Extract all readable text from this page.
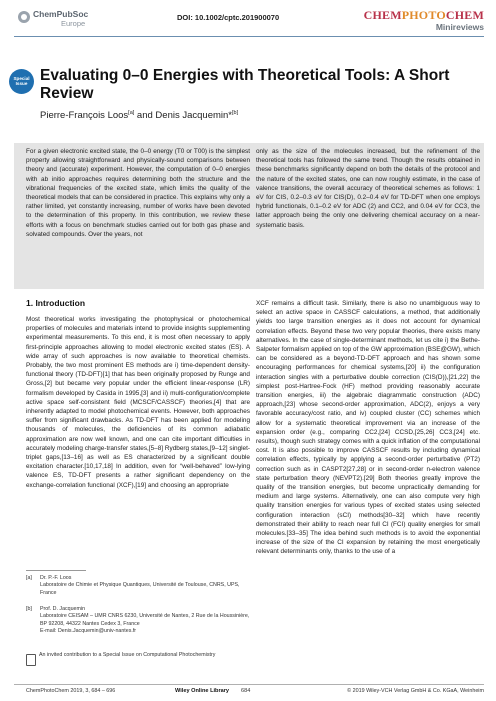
ChemPubSoc
Europe
DOI: 10.1002/cptc.201900070	CHEMPHOTOCHEM
Minireviews
Special
Issue Evaluating 0–0 Energies with Theoretical Tools: A Short Review
Pierre-François Loos[a] and Denis Jacquemin*[b]

For a given electronic excited state, the 0–0 energy (T0 or T00) is the simplest property allowing straightforward and physically-sound comparisons between theory and (accurate) experiment. However, the computation of 0–0 energies with ab initio approaches requires determining both the structure and the vibrational frequencies of the excited state, which limits the quality of the theoretical models that can be considered in practice. This explains why only a rather limited, yet constantly increasing, number of works have been devoted to the determination of this property. In this contribution, we review these efforts with a focus on benchmark studies carried out for both gas phase and solvated compounds. Over the years, not

only as the size of the molecules increased, but the refinement of the theoretical tools has followed the same trend. Though the results obtained in these benchmarks significantly depend on both the details of the protocol and the nature of the excited states, one can now roughly estimate, in the case of valence transitions, the overall accuracy of theoretical schemes as follows: 1 eV for CIS, 0.2–0.3 eV for CIS(D), 0.2–0.4 eV for TD-DFT when one employs hybrid functionals, 0.1–0.2 eV for ADC (2) and CC2, and 0.04 eV for CC3, the latter approach being the only one delivering chemical accuracy on a near-systematic basis.

1. Introduction

Most theoretical works investigating the photophysical or photochemical properties of molecules and materials intend to provide insights supplementing experimental measurements. To this end, it is most often necessary to apply first-principle approaches allowing to model electronic excited states (ES). A wide array of such approaches is now available to theoretical chemists. Probably, the two most prominent ES methods are i) time-dependent density-functional theory (TD-DFT)[1] that has been originally proposed by Runge and Gross,[2] but became very popular under the efficient linear-response (LR) formalism developed by Casida in 1995,[3] and ii) multi-configuration/complete active space self-consistent field (MCSCF/CASSCF) theories,[4] that are inherently adapted to model photochemical events. However, both approaches suffer from significant drawbacks. As TD-DFT has been applied for modeling thousands of molecules, the deficiencies of its common adiabatic approximation are now well known, and one can cite important difficulties in accurately modeling charge-transfer states,[5–8] Rydberg states,[9–12] singlet-triplet gaps,[13–16] as well as ES characterized by a significant double excitation character.[10,17,18] In addition, even for “well-behaved” low-lying valence ES, TD-DFT presents a rather significant dependency on the exchange-correlation functional (XCF),[19] and choosing an appropriate

XCF remains a difficult task. Similarly, there is also no unambiguous way to select an active space in CASSCF calculations, a method, that additionally yields too large transition energies as it does not account for dynamical correlation effects. Beyond these two very popular theories, there exists many alternatives. In the case of single-determinant methods, let us cite i) the Bethe-Salpeter formalism applied on top of the GW approximation (BSE@GW), which can be considered as a beyond-TD-DFT approach and has shown some encouraging performances for chemical systems,[20] ii) the configuration interaction singles with a perturbative double correction (CIS(D)),[21,22] the simplest post-Hartree-Fock (HF) method providing reasonably accurate transition energies, iii) the algebraic diagrammatic construction (ADC) approach,[23] whose second-order approximation, ADC(2), enjoys a very favorable accuracy/cost ratio, and iv) coupled cluster (CC) schemes which allow for a systematic theoretical improvement via an increase of the expansion order (e.g., comparing CC2,[24] CCSD,[25,26] CC3,[24] etc. results), though such strategy comes with a quick inflation of the computational cost. It is also possible to improve CASSCF results by including dynamical correlation effects, typically by applying a second-order perturbative (PT2) correction such as in CASPT2[27,28] or in second-order n-electron valence state perturbation theory (NEVPT2).[29] Both theories greatly improve the quality of the transition energies, but become unpractically demanding for medium and large systems. Alternatively, one can also compute very high quality transition energies for various types of excited states using selected configuration interaction (sCI) methods[30–32] which have recently demonstrated their ability to reach near full CI (FCI) quality energies for small molecules.[33–35] The idea behind such methods is to avoid the exponential increase of the size of the CI expansion by retaining the most energetically relevant determinants only, thanks to the use of a

[a] Dr. P.-F. Loos
Laboratoire de Chimie et Physique Quantiques, Université de Toulouse, CNRS, UPS, France
[b] Prof. D. Jacquemin
Laboratoire CEISAM – UMR CNRS 6230, Université de Nantes, 2 Rue de la Houssinière, BP 92208, 44322 Nantes Cedex 3, France
E-mail: Denis.Jacquemin@univ-nantes.fr
An invited contribution to a Special Issue on Computational Photochemistry
ChemPhotoChem 2019, 3, 684 – 696	Wiley Online Library 684	© 2019 Wiley-VCH Verlag GmbH & Co. KGaA, Weinheim
